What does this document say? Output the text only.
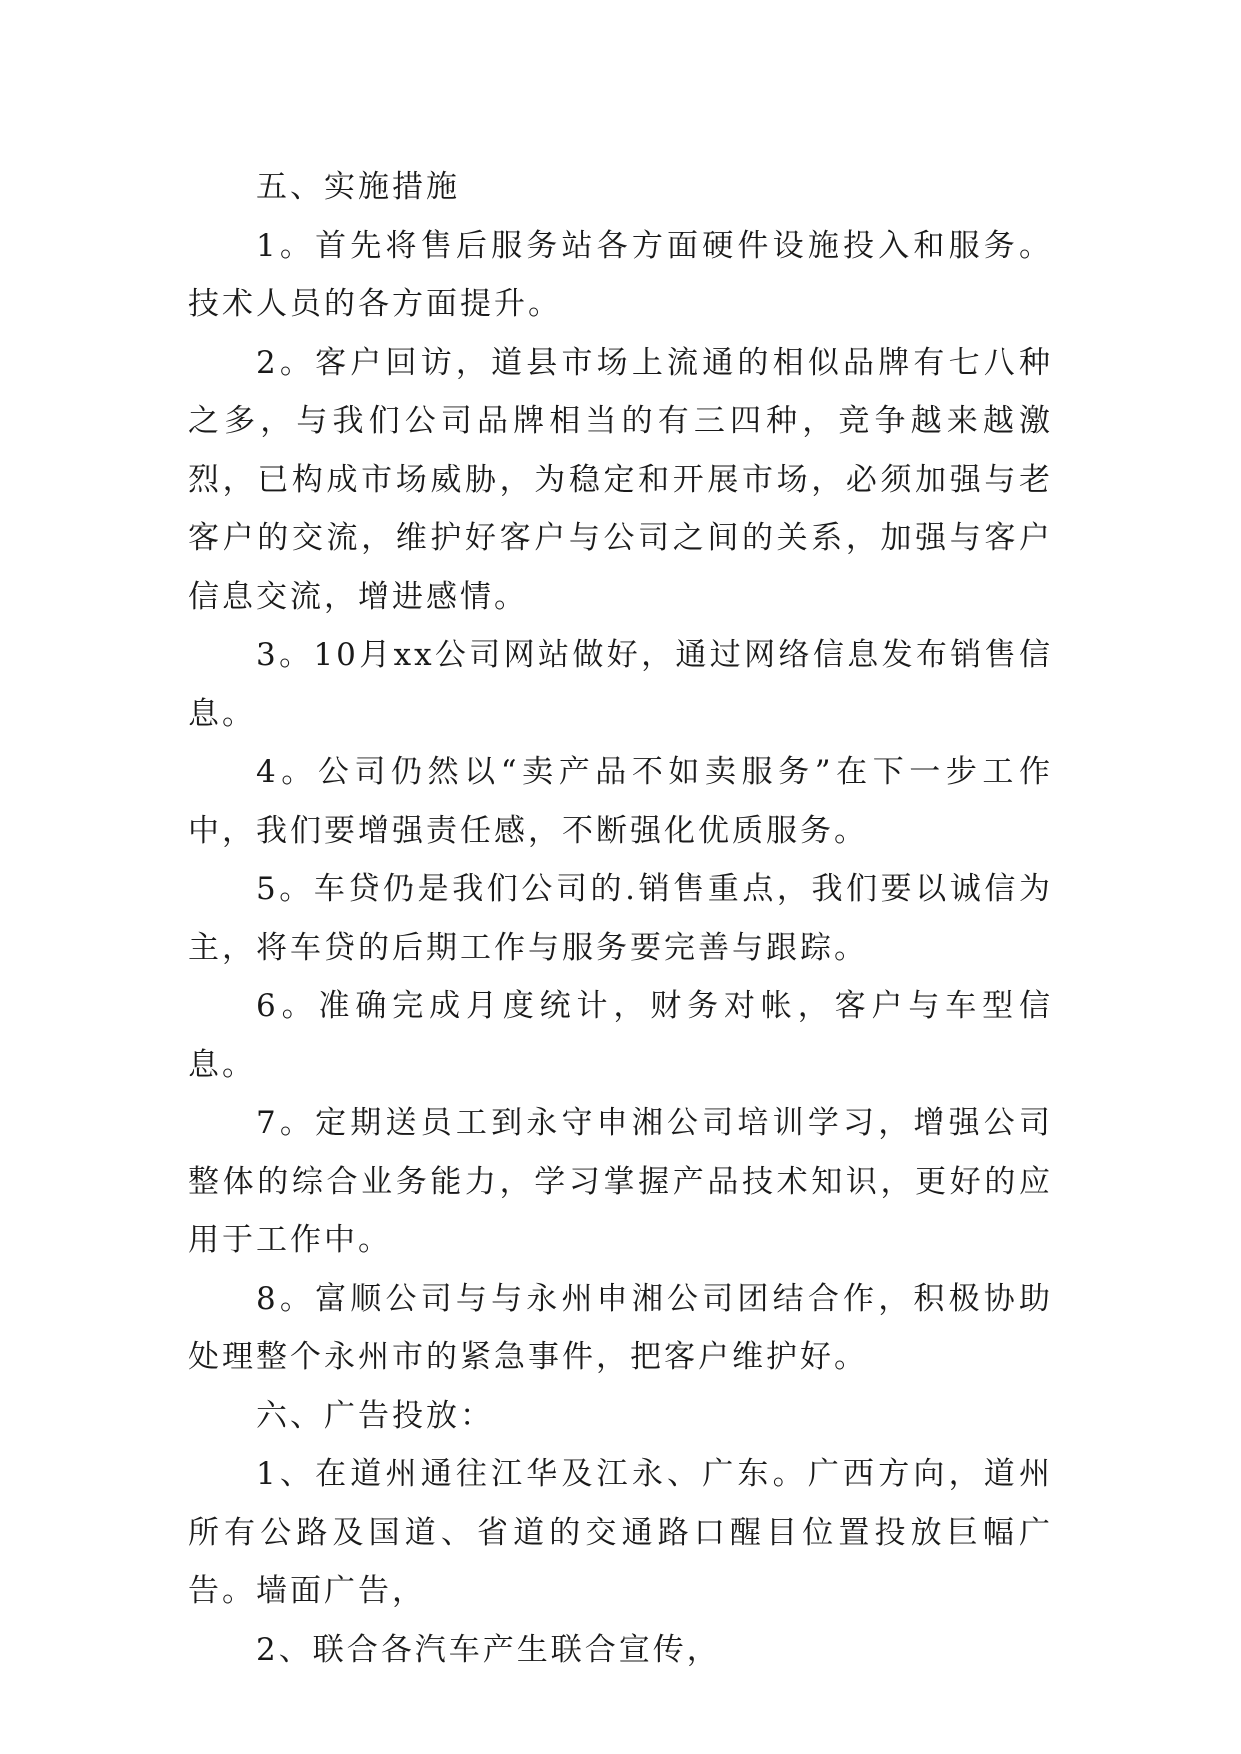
五、实施措施

1。首先将售后服务站各方面硬件设施投入和服务。技术人员的各方面提升。

2。客户回访，道县市场上流通的相似品牌有七八种之多，与我们公司品牌相当的有三四种，竞争越来越激烈，已构成市场威胁，为稳定和开展市场，必须加强与老客户的交流，维护好客户与公司之间的关系，加强与客户信息交流，增进感情。

3。10月xx公司网站做好，通过网络信息发布销售信息。

4。公司仍然以“卖产品不如卖服务”在下一步工作中，我们要增强责任感，不断强化优质服务。

5。车贷仍是我们公司的.销售重点，我们要以诚信为主，将车贷的后期工作与服务要完善与跟踪。

6。准确完成月度统计，财务对帐，客户与车型信息。

7。定期送员工到永守申湘公司培训学习，增强公司整体的综合业务能力，学习掌握产品技术知识，更好的应用于工作中。

8。富顺公司与与永州申湘公司团结合作，积极协助处理整个永州市的紧急事件，把客户维护好。

六、广告投放：

1、在道州通往江华及江永、广东。广西方向，道州所有公路及国道、省道的交通路口醒目位置投放巨幅广告。墙面广告，

2、联合各汽车产生联合宣传，
